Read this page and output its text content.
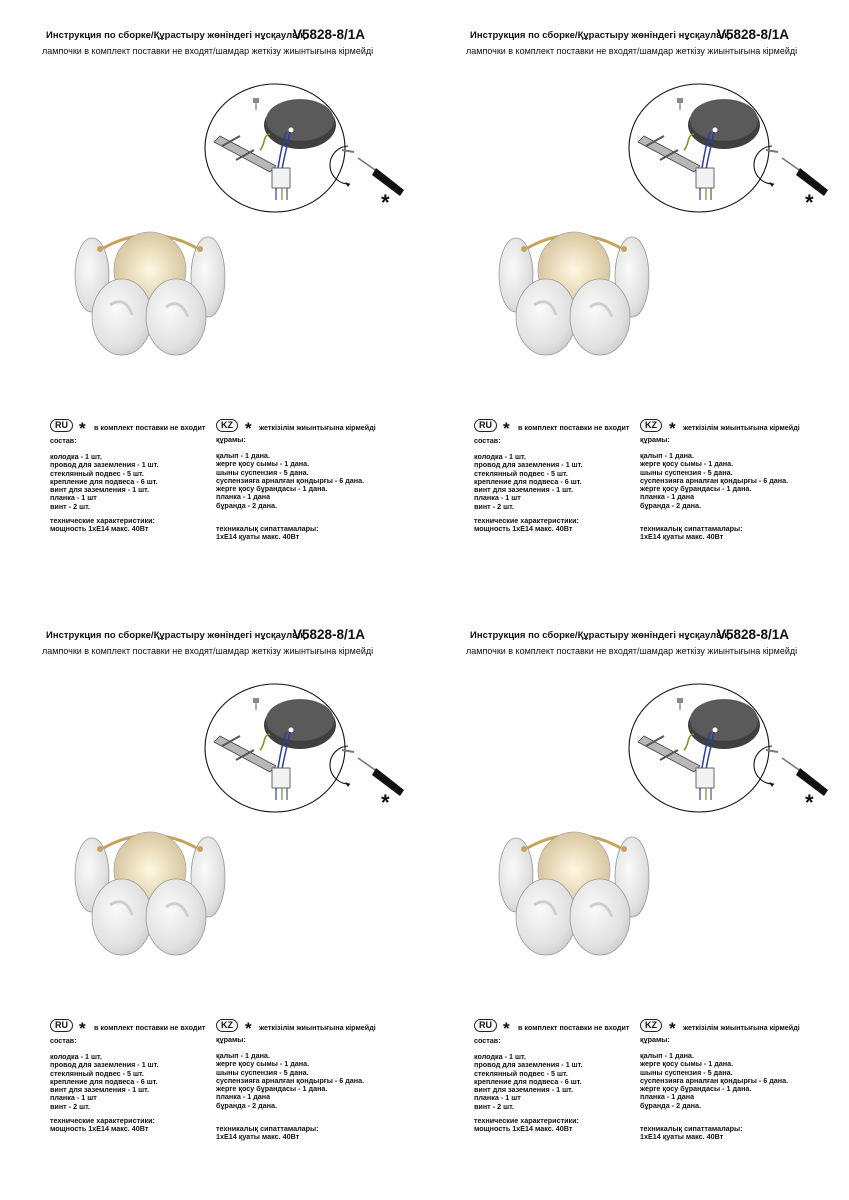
Инструкция по сборке/Құрастыру жөніндегі нұсқаулық
V5828-8/1A
лампочки в комплект поставки не входят/шамдар жеткізу жиынтығына кірмейді
*
RU * в комплект поставки не входит
состав:
колодка - 1 шт.
провод для заземления - 1 шт.
стеклянный подвес - 5 шт.
крепление для подвеса - 6 шт.
винт для заземления - 1 шт.
планка - 1 шт
винт - 2 шт.
технические характеристики:
мощность 1хЕ14 макс. 40Вт
KZ * жеткізілім жиынтығына кірмейді
құрамы:
қалып - 1 дана.
жерге қосу сымы - 1 дана.
шыны суспензия - 5 дана.
суспензияға арналған қондырғы - 6 дана.
жерге қосу бұрандасы - 1 дана.
планка - 1 дана
бұранда - 2 дана.
техникалық сипаттамалары:
1хЕ14 қуаты макс. 40Вт
Инструкция по сборке/Құрастыру жөніндегі нұсқаулық
V5828-8/1A
лампочки в комплект поставки не входят/шамдар жеткізу жиынтығына кірмейді
*
RU * в комплект поставки не входит
состав:
колодка - 1 шт.
провод для заземления - 1 шт.
стеклянный подвес - 5 шт.
крепление для подвеса - 6 шт.
винт для заземления - 1 шт.
планка - 1 шт
винт - 2 шт.
технические характеристики:
мощность 1хЕ14 макс. 40Вт
KZ * жеткізілім жиынтығына кірмейді
құрамы:
қалып - 1 дана.
жерге қосу сымы - 1 дана.
шыны суспензия - 5 дана.
суспензияға арналған қондырғы - 6 дана.
жерге қосу бұрандасы - 1 дана.
планка - 1 дана
бұранда - 2 дана.
техникалық сипаттамалары:
1хЕ14 қуаты макс. 40Вт
Инструкция по сборке/Құрастыру жөніндегі нұсқаулық
V5828-8/1A
лампочки в комплект поставки не входят/шамдар жеткізу жиынтығына кірмейді
*
RU * в комплект поставки не входит
состав:
колодка - 1 шт.
провод для заземления - 1 шт.
стеклянный подвес - 5 шт.
крепление для подвеса - 6 шт.
винт для заземления - 1 шт.
планка - 1 шт
винт - 2 шт.
технические характеристики:
мощность 1хЕ14 макс. 40Вт
KZ * жеткізілім жиынтығына кірмейді
құрамы:
қалып - 1 дана.
жерге қосу сымы - 1 дана.
шыны суспензия - 5 дана.
суспензияға арналған қондырғы - 6 дана.
жерге қосу бұрандасы - 1 дана.
планка - 1 дана
бұранда - 2 дана.
техникалық сипаттамалары:
1хЕ14 қуаты макс. 40Вт
Инструкция по сборке/Құрастыру жөніндегі нұсқаулық
V5828-8/1A
лампочки в комплект поставки не входят/шамдар жеткізу жиынтығына кірмейді
*
RU * в комплект поставки не входит
состав:
колодка - 1 шт.
провод для заземления - 1 шт.
стеклянный подвес - 5 шт.
крепление для подвеса - 6 шт.
винт для заземления - 1 шт.
планка - 1 шт
винт - 2 шт.
технические характеристики:
мощность 1хЕ14 макс. 40Вт
KZ * жеткізілім жиынтығына кірмейді
құрамы:
қалып - 1 дана.
жерге қосу сымы - 1 дана.
шыны суспензия - 5 дана.
суспензияға арналған қондырғы - 6 дана.
жерге қосу бұрандасы - 1 дана.
планка - 1 дана
бұранда - 2 дана.
техникалық сипаттамалары:
1хЕ14 қуаты макс. 40Вт
